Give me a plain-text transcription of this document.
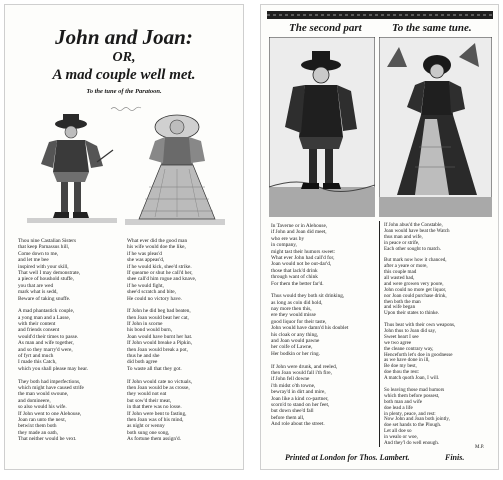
John and Joan:
OR,
A mad couple well met.
To the tune of the Paratoon.
Thou nine Castalian Sisters
that keep Parnassus hill,
Come down to me,
and let me bee
inspired with your skill,
That well I may demonstrate,
a piece of houshold stuffe,
you that are wed
mark what is sedd,
Beware of taking snuffe.
A mad phantastick couple,
a yong man and a Lasse,
with their content
and friends consent
would'd their times to passe.
As man and wife together,
and so they marry'd were,
of fyrt and much
I made this Catch,
which you shall please may hear.
They both had imperfections,
which might have caused strife
the man would swoune,
and domineere,
so also would his wife.
If John went to one Alehouse,
Joan ran unto the next,
betwixt them both
they made an oath,
That neither would be vext.
What ever did the good man
his wife would doe the like,
if he was pleas'd
she was appeas'd,
if he would kick, shee'd strike.
If quearne or shut he call'd her,
shee call'd him rogue and knave,
if he would fight,
shee'd scratch and bite,
He could no victory have.
If John he did beg bad beaten,
then Joan would beat her cat,
If John in scorne
his bond would burn,
Joan would have burnt her hat.
If John would breake a Pipkin,
then Joan would break a pot,
thus he and she
did both agree
To waste all that they got.
If John would cate no victuals,
then Joan would be as crosse,
they would not eat
but sow'd their meat,
in that there was no losse.
If John were bent to fasting,
then Joan was of his mind,
as night or wenny
both sung one song,
As fortune them assign'd.
The second part	To the same tune.
In Taverne or in Alehouse,
if John and Joan did meet,
who ere was by
in company,
might tast their humors sweet:
What ever John had call'd for,
Joan would not be out-dar'd,
those that lack'd drink
through want of chink
For them the better far'd.
Thus would they both sit drinking,
as long as coin did hold,
nay more then this,
ere they would misse
good liquor for their taste,
John would have damn'd his doublet
his cloak or any thing,
and Joan would pawne
her coife of Lawne,
Her bodkin or her ring.
If John were drunk, and reeled,
then Joan would fall i'th fire,
if John fell downe
i'th midst o'th towne,
bewray'd in dirt and mire,
Joan like a kind co-partner,
scorn'd to stand on her feet,
but down shee'd fall
before them all,
And role about the street.
If John abus'd the Constable,
Joan would have beat the Watch
thus man and wife,
in peace or strife,
Each other sought to match.
But mark now how it chanced,
after a yeare or more,
this couple mad
all wasted had,
and were growen very poore,
John could no more get liquor,
nor Joan could purchase drink,
then both the man
and wife began
Upon their states to thinke.
Thus beat with their own weapons,
John thus to Joan did say,
Sweet heart I see
we two agree
the cleane contrary way,
Henceforth let's doe in goodnesse
as we have done in ill,
Be doe my best,
doe thou the rest:
A match quoth Joan, I will.
So leaving those mad humors
which them before possest,
both man and wife
doe lead a life
in plenty, peace, and rest:
Now John and Joan both jointly,
doe set hands to the Plough.
Let all doe so
in wealo or woe,
And they'l do well enough.
M.P.
Printed at London for Thos. Lambert.	Finis.
